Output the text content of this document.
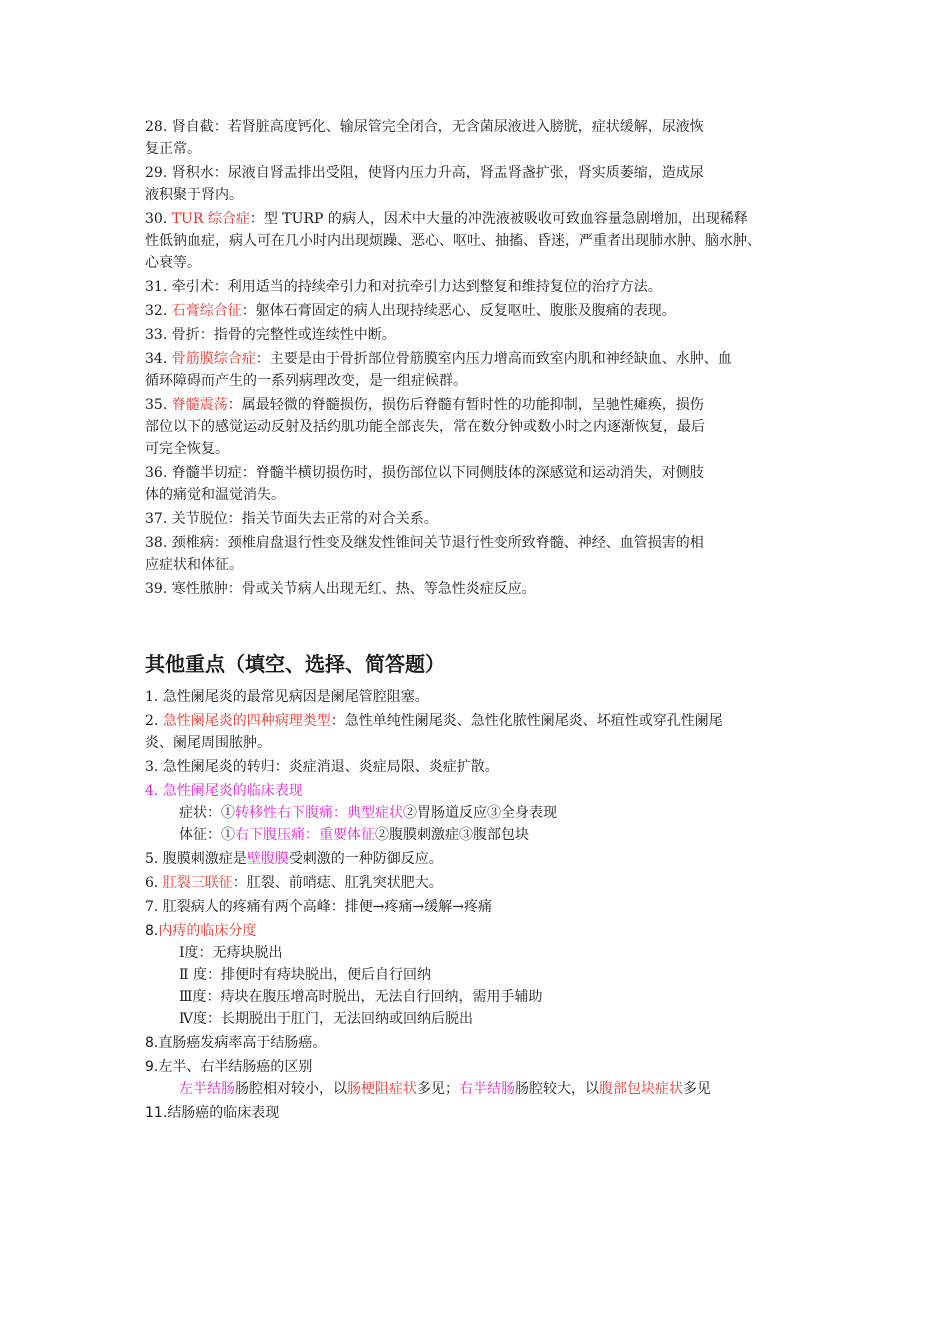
28. 肾自截：若肾脏高度钙化、输尿管完全闭合，无含菌尿液进入膀胱，症状缓解，尿液恢

复正常。

29. 肾积水：尿液自肾盂排出受阻，使肾内压力升高，肾盂肾盏扩张，肾实质萎缩，造成尿

液积聚于肾内。

30. TUR 综合症：型 TURP 的病人，因术中大量的冲洗液被吸收可致血容量急剧增加，出现稀释

性低钠血症，病人可在几小时内出现烦躁、恶心、呕吐、抽搐、昏迷，严重者出现肺水肿、脑水肿、

心衰等。

31. 牵引术：利用适当的持续牵引力和对抗牵引力达到整复和维持复位的治疗方法。

32. 石膏综合征：躯体石膏固定的病人出现持续恶心、反复呕吐、腹胀及腹痛的表现。

33. 骨折：指骨的完整性或连续性中断。

34. 骨筋膜综合症：主要是由于骨折部位骨筋膜室内压力增高而致室内肌和神经缺血、水肿、血

循环障碍而产生的一系列病理改变，是一组症候群。

35. 脊髓震荡：属最轻微的脊髓损伤，损伤后脊髓有暂时性的功能抑制，呈驰性瘫痪，损伤

部位以下的感觉运动反射及括约肌功能全部丧失，常在数分钟或数小时之内逐渐恢复，最后

可完全恢复。

36. 脊髓半切症：脊髓半横切损伤时，损伤部位以下同侧肢体的深感觉和运动消失，对侧肢

体的痛觉和温觉消失。

37. 关节脱位：指关节面失去正常的对合关系。

38. 颈椎病：颈椎肩盘退行性变及继发性锥间关节退行性变所致脊髓、神经、血管损害的相

应症状和体征。

39. 寒性脓肿：骨或关节病人出现无红、热、等急性炎症反应。

其他重点（填空、选择、简答题）

1. 急性阑尾炎的最常见病因是阑尾管腔阻塞。

2. 急性阑尾炎的四种病理类型：急性单纯性阑尾炎、急性化脓性阑尾炎、坏疽性或穿孔性阑尾

炎、阑尾周围脓肿。

3. 急性阑尾炎的转归：炎症消退、炎症局限、炎症扩散。

4. 急性阑尾炎的临床表现

症状：①转移性右下腹痛：典型症状②胃肠道反应③全身表现

体征：①右下腹压痛：重要体征②腹膜刺激症③腹部包块

5. 腹膜刺激症是壁腹膜受刺激的一种防御反应。

6. 肛裂三联征：肛裂、前哨痣、肛乳突状肥大。

7. 肛裂病人的疼痛有两个高峰：排便→疼痛→缓解→疼痛

8.内痔的临床分度

Ⅰ度：无痔块脱出

Ⅱ 度：排便时有痔块脱出，便后自行回纳

Ⅲ度：痔块在腹压增高时脱出，无法自行回纳，需用手辅助

Ⅳ度：长期脱出于肛门，无法回纳或回纳后脱出

8.直肠癌发病率高于结肠癌。

9.左半、右半结肠癌的区别

左半结肠肠腔相对较小，以肠梗阻症状多见；右半结肠肠腔较大，以腹部包块症状多见

11.结肠癌的临床表现
